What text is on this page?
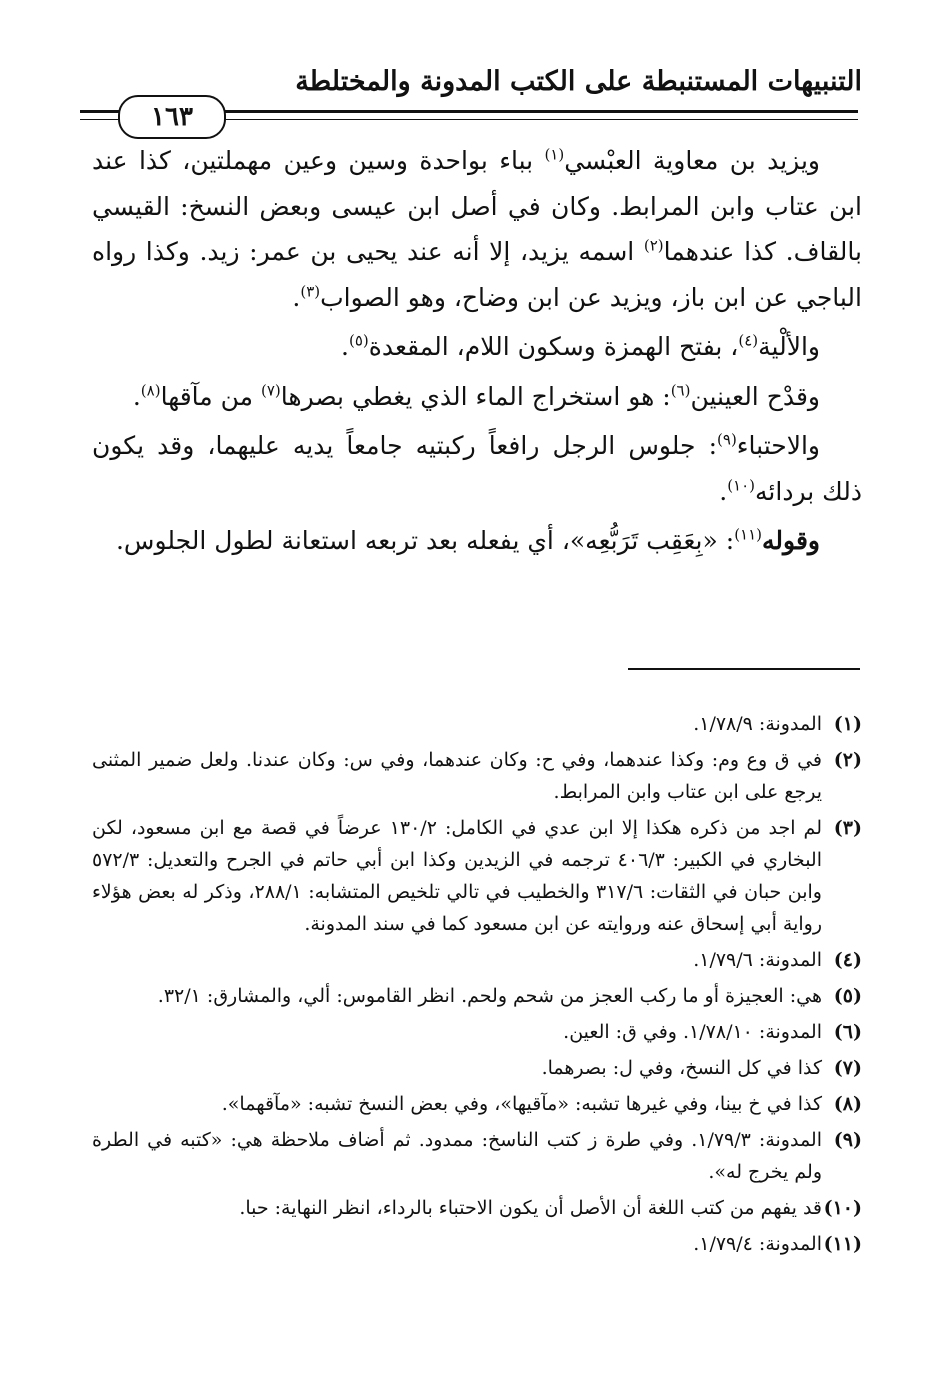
التنبيهات المستنبطة على الكتب المدونة والمختلطة
١٦٣

ويزيد بن معاوية العبْسي$^{(١)}$ بباء بواحدة وسين وعين مهملتين، كذا عند ابن عتاب وابن المرابط. وكان في أصل ابن عيسى وبعض النسخ: القيسي بالقاف. كذا عندهما$^{(٢)}$ اسمه يزيد، إلا أنه عند يحيى بن عمر: زيد. وكذا رواه الباجي عن ابن باز، ويزيد عن ابن وضاح، وهو الصواب$^{(٣)}$.

والألْية$^{(٤)}$، بفتح الهمزة وسكون اللام، المقعدة$^{(٥)}$.

وقدْح العينين$^{(٦)}$: هو استخراج الماء الذي يغطي بصرها$^{(٧)}$ من مآقها$^{(٨)}$.

والاحتباء$^{(٩)}$: جلوس الرجل رافعاً ركبتيه جامعاً يديه عليهما، وقد يكون ذلك بردائه$^{(١٠)}$.

وقوله$^{(١١)}$: «بِعَقِب تَرَبُّعِه»، أي يفعله بعد تربعه استعانة لطول الجلوس.

(١)
المدونة: ١/٧٨/٩.
(٢)
في ق وع وم: وكذا عندهما، وفي ح: وكان عندهما، وفي س: وكان عندنا. ولعل ضمير المثنى يرجع على ابن عتاب وابن المرابط.
(٣)
لم اجد من ذكره هكذا إلا ابن عدي في الكامل: ١٣٠/٢ عرضاً في قصة مع ابن مسعود، لكن البخاري في الكبير: ٤٠٦/٣ ترجمه في الزيدين وكذا ابن أبي حاتم في الجرح والتعديل: ٥٧٢/٣ وابن حبان في الثقات: ٣١٧/٦ والخطيب في تالي تلخيص المتشابه: ٢٨٨/١، وذكر له بعض هؤلاء رواية أبي إسحاق عنه وروايته عن ابن مسعود كما في سند المدونة.
(٤)
المدونة: ١/٧٩/٦.
(٥)
هي: العجيزة أو ما ركب العجز من شحم ولحم. انظر القاموس: ألي، والمشارق: ٣٢/١.
(٦)
المدونة: ١/٧٨/١٠. وفي ق: العين.
(٧)
كذا في كل النسخ، وفي ل: بصرهما.
(٨)
كذا في خ بينا، وفي غيرها تشبه: «مآقيها»، وفي بعض النسخ تشبه: «مآقهما».
(٩)
المدونة: ١/٧٩/٣. وفي طرة ز كتب الناسخ: ممدود. ثم أضاف ملاحظة هي: «كتبه في الطرة ولم يخرج له».
(١٠)
قد يفهم من كتب اللغة أن الأصل أن يكون الاحتباء بالرداء، انظر النهاية: حبا.
(١١)
المدونة: ١/٧٩/٤.
